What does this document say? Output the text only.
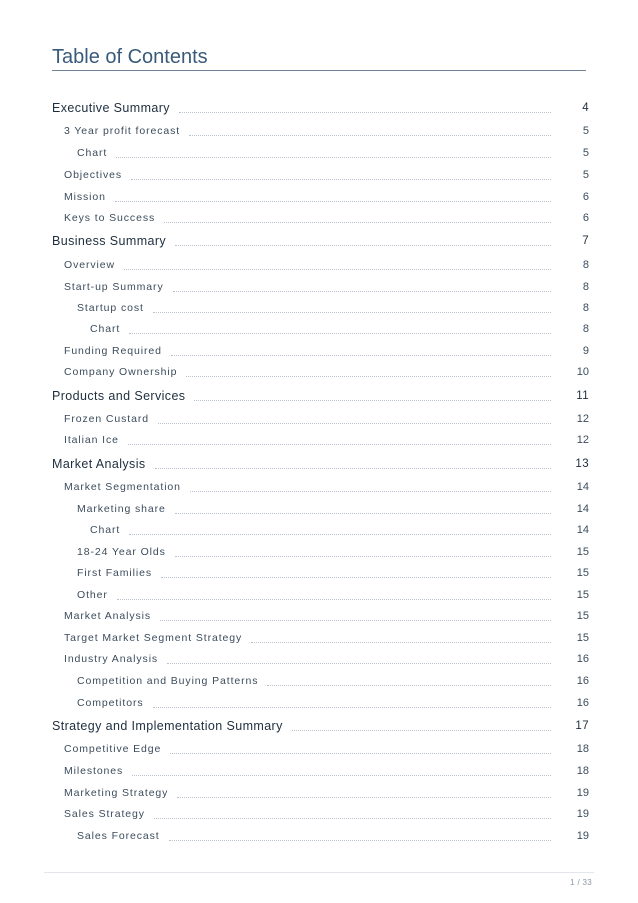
Table of Contents
Executive Summary	4
3 Year profit forecast	5
Chart	5
Objectives	5
Mission	6
Keys to Success	6
Business Summary	7
Overview	8
Start-up Summary	8
Startup cost	8
Chart	8
Funding Required	9
Company Ownership	10
Products and Services	11
Frozen Custard	12
Italian Ice	12
Market Analysis	13
Market Segmentation	14
Marketing share	14
Chart	14
18-24 Year Olds	15
First Families	15
Other	15
Market Analysis	15
Target Market Segment Strategy	15
Industry Analysis	16
Competition and Buying Patterns	16
Competitors	16
Strategy and Implementation Summary	17
Competitive Edge	18
Milestones	18
Marketing Strategy	19
Sales Strategy	19
Sales Forecast	19
1 / 33
